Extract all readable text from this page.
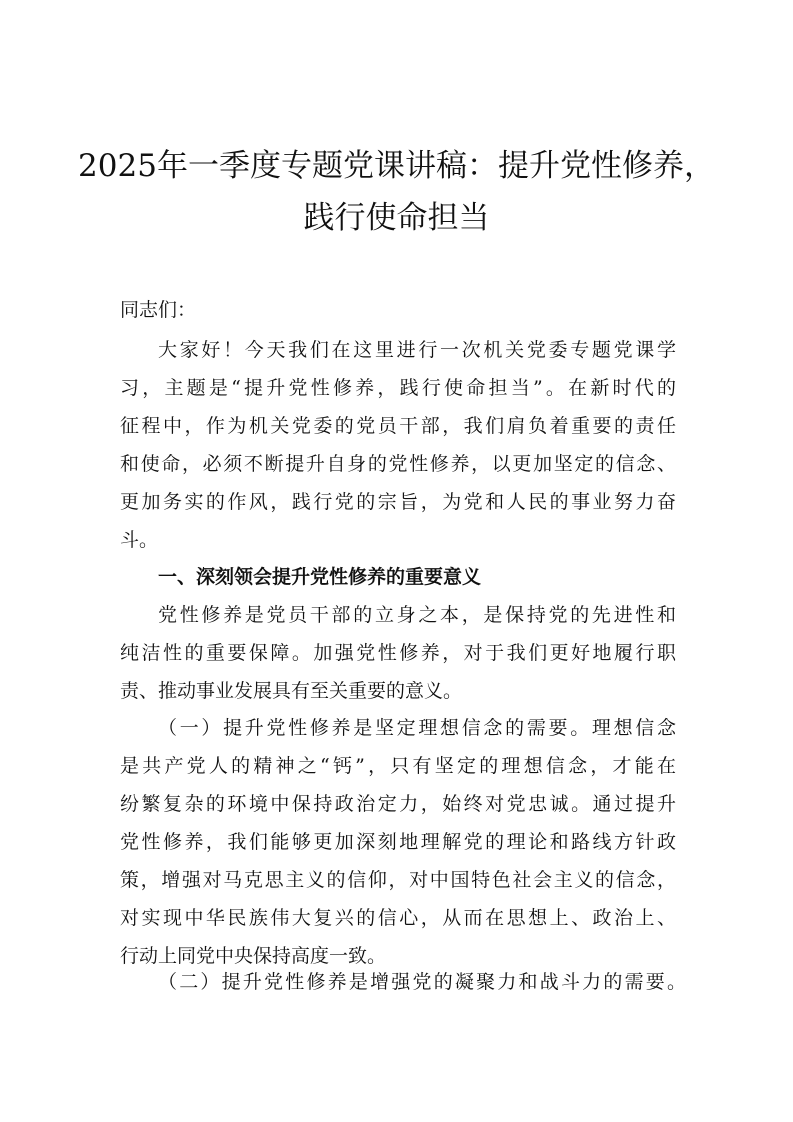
2025年一季度专题党课讲稿：提升党性修养，
践行使命担当
同志们：
大家好！今天我们在这里进行一次机关党委专题党课学
习，主题是“提升党性修养，践行使命担当”。在新时代的
征程中，作为机关党委的党员干部，我们肩负着重要的责任
和使命，必须不断提升自身的党性修养，以更加坚定的信念、
更加务实的作风，践行党的宗旨，为党和人民的事业努力奋
斗。
一、深刻领会提升党性修养的重要意义
党性修养是党员干部的立身之本，是保持党的先进性和
纯洁性的重要保障。加强党性修养，对于我们更好地履行职
责、推动事业发展具有至关重要的意义。
（一）提升党性修养是坚定理想信念的需要。理想信念
是共产党人的精神之“钙”，只有坚定的理想信念，才能在
纷繁复杂的环境中保持政治定力，始终对党忠诚。通过提升
党性修养，我们能够更加深刻地理解党的理论和路线方针政
策，增强对马克思主义的信仰，对中国特色社会主义的信念，
对实现中华民族伟大复兴的信心，从而在思想上、政治上、
行动上同党中央保持高度一致。
（二）提升党性修养是增强党的凝聚力和战斗力的需要。
